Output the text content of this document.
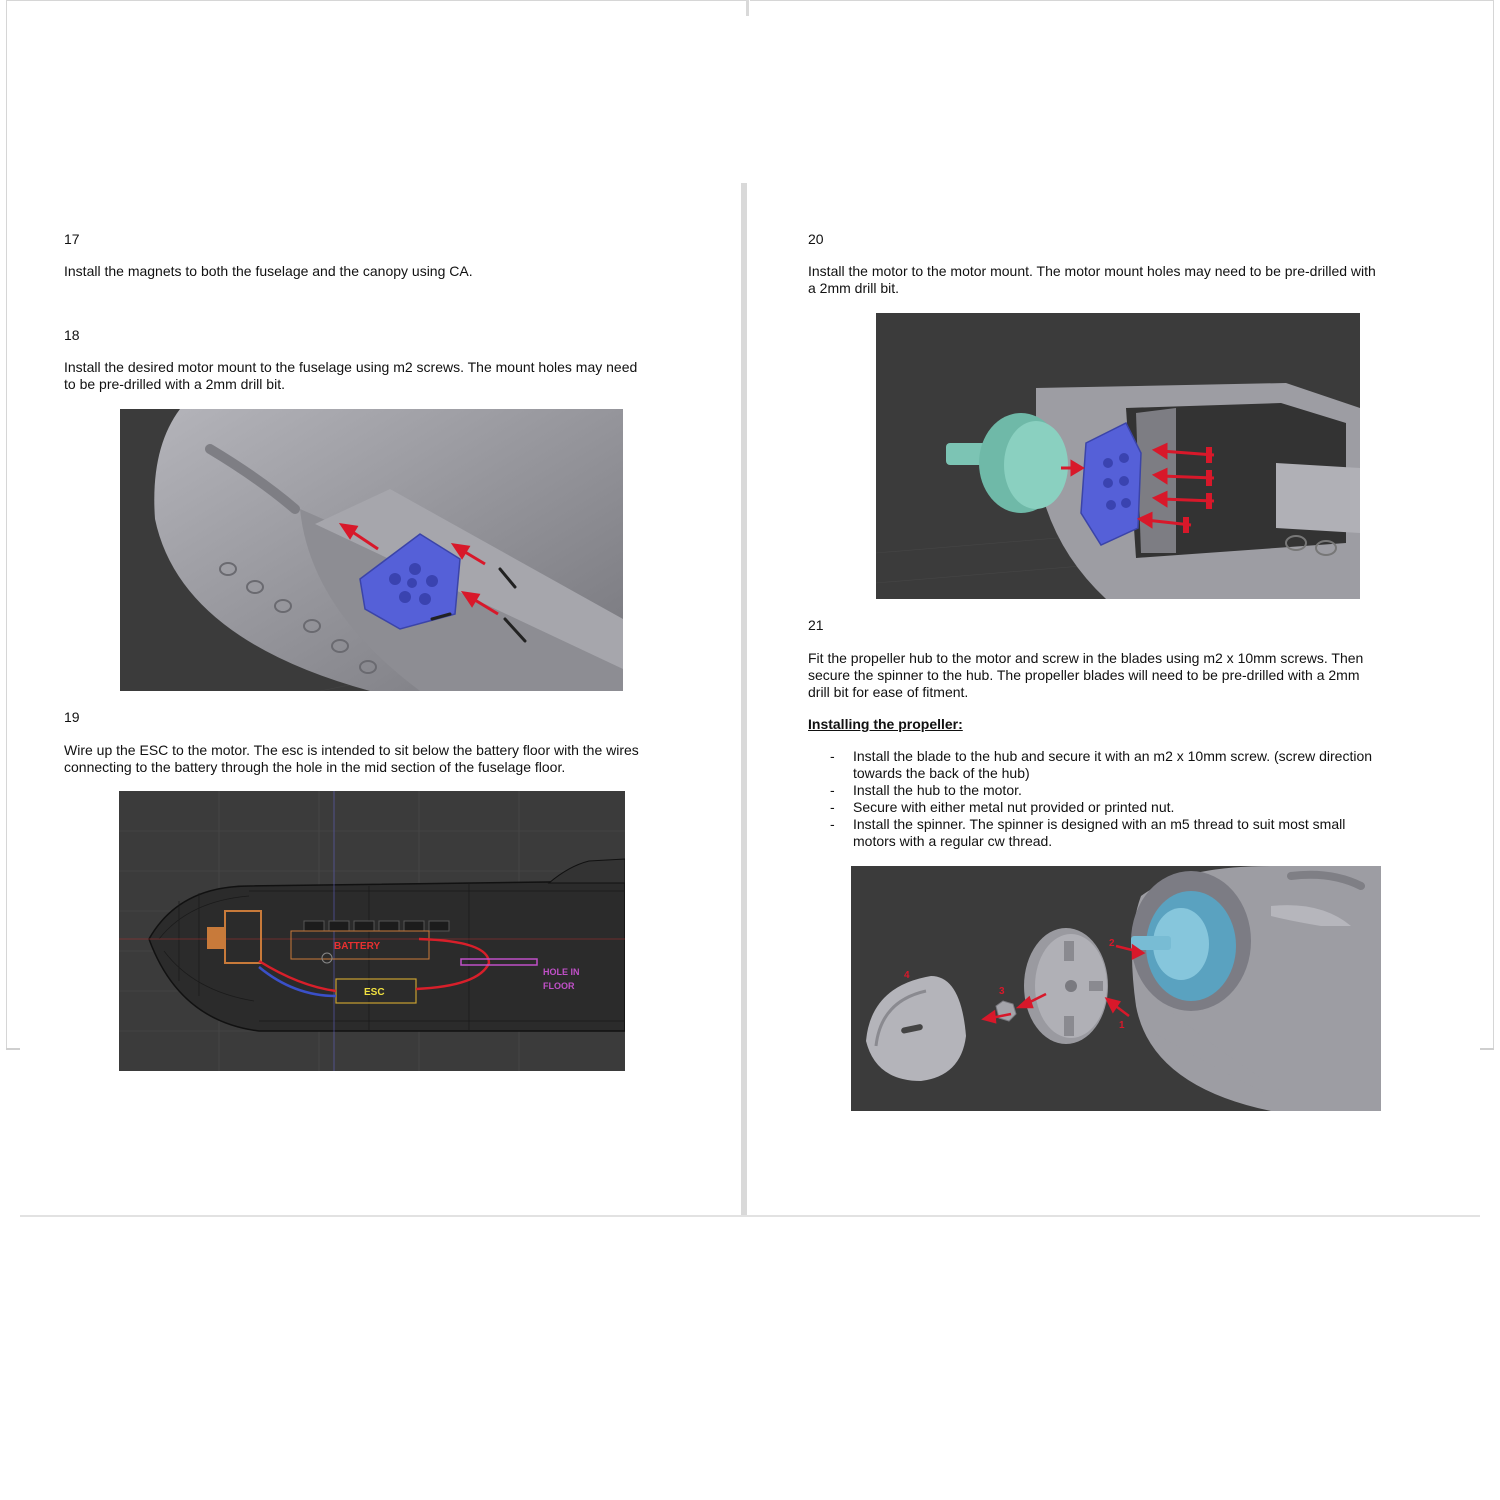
17
Install the magnets to both the fuselage and the canopy using CA.
18
Install the desired motor mount to the fuselage using m2 screws. The mount holes may need
to be pre-drilled with a 2mm drill bit.
19
Wire up the ESC to the motor. The esc is intended to sit below the battery floor with the wires
connecting to the battery through the hole in the mid section of the fuselage floor.
BATTERY
ESC
HOLE IN
FLOOR
20
Install the motor to the motor mount. The motor mount holes may need to be pre-drilled with
a 2mm drill bit.
21
Fit the propeller hub to the motor and screw in the blades using m2 x 10mm screws. Then
secure the spinner to the hub. The propeller blades will need to be pre-drilled with a 2mm
drill bit for ease of fitment.
Installing the propeller:
- Install the blade to the hub and secure it with an m2 x 10mm screw. (screw direction
towards the back of the hub)
- Install the hub to the motor.
- Secure with either metal nut provided or printed nut.
- Install the spinner. The spinner is designed with an m5 thread to suit most small
motors with a regular cw thread.
4
3
2
1
